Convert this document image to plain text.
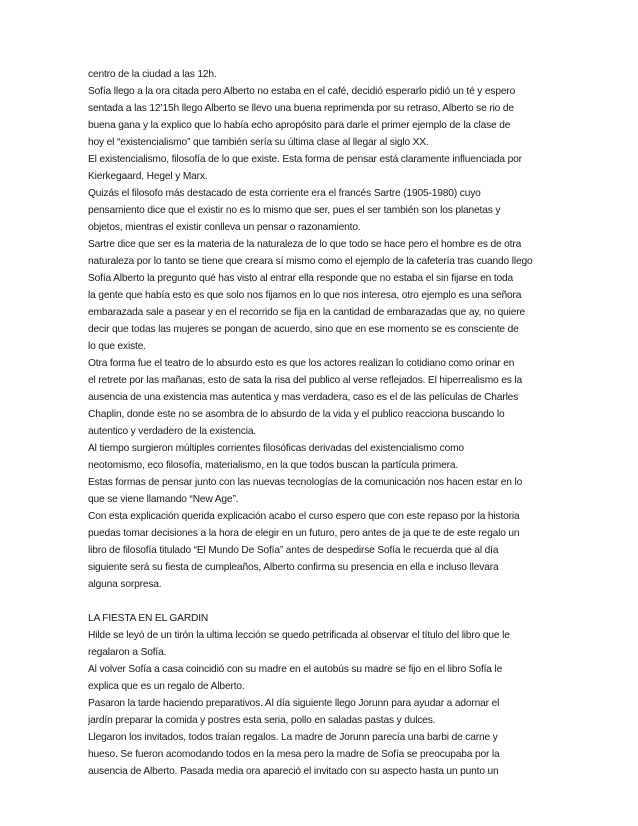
centro de la ciudad a las 12h.
Sofía llego a la ora citada pero Alberto no estaba en el café, decidió esperarlo pidió un té y espero
sentada a las 12’15h llego Alberto se llevo una buena reprimenda por su retraso, Alberto se rio de
buena gana y la explico que lo había echo apropósito para darle el primer ejemplo de la clase de
hoy el “existencialismo” que también sería su última clase al llegar al siglo XX.
El existencialismo, filosofía de lo que existe. Esta forma de pensar está claramente influenciada por
Kierkegaard, Hegel y Marx.
Quizás el filosofo más destacado de esta corriente era el francés Sartre (1905-1980) cuyo
pensamiento dice que el existir no es lo mismo que ser, pues el ser también son los planetas y
objetos, mientras el existir conlleva un pensar o razonamiento.
Sartre dice que ser es la materia de la naturaleza de lo que todo se hace pero el hombre es de otra
naturaleza por lo tanto se tiene que creara sí mismo como el ejemplo de la cafetería tras cuando llego
Sofía Alberto la pregunto qué has visto al entrar ella responde que no estaba el sin fijarse en toda
la gente que había esto es que solo nos fijamos en lo que nos interesa, otro ejemplo es una señora
embarazada sale a pasear y en el recorrido se fija en la cantidad de embarazadas que ay, no quiere
decir que todas las mujeres se pongan de acuerdo, sino que en ese momento se es consciente de
lo que existe.
Otra forma fue el teatro de lo absurdo esto es que los actores realizan lo cotidiano como orinar en
el retrete por las mañanas, esto de sata la risa del publico al verse reflejados. El hiperrealismo es la
ausencia de una existencia mas autentica y mas verdadera, caso es el de las películas de Charles
Chaplin, donde este no se asombra de lo absurdo de la vida y el publico reacciona buscando lo
autentico y verdadero de la existencia.
Al tiempo surgieron múltiples corrientes filosóficas derivadas del existencialismo como
neotomismo, eco filosofía, materialismo, en la que todos buscan la partícula primera.
Estas formas de pensar junto con las nuevas tecnologías de la comunicación nos hacen estar en lo
que se viene llamando “New Age”.
Con esta explicación querida explicación acabo el curso espero que con este repaso por la historia
puedas tomar decisiones a la hora de elegir en un futuro, pero antes de ja que te de este regalo un
libro de filosofía titulado “El Mundo De Sofía” antes de despedirse Sofía le recuerda que al día
siguiente será su fiesta de cumpleaños, Alberto confirma su presencia en ella e incluso llevara
alguna sorpresa.
LA FIESTA EN EL GARDIN
Hilde se leyó de un tirón la ultima lección se quedo petrificada al observar el título del libro que le
regalaron a Sofía.
Al volver Sofía a casa coincidió con su madre en el autobús su madre se fijo en el libro Sofía le
explica que es un regalo de Alberto.
Pasaron la tarde haciendo preparativos. Al día siguiente llego Jorunn para ayudar a adornar el
jardín preparar la comida y postres esta seria, pollo en saladas pastas y dulces.
Llegaron los invitados, todos traían regalos. La madre de Jorunn parecía una barbi de carne y
hueso. Se fueron acomodando todos en la mesa pero la madre de Sofía se preocupaba por la
ausencia de Alberto. Pasada media ora apareció el invitado con su aspecto hasta un punto un
